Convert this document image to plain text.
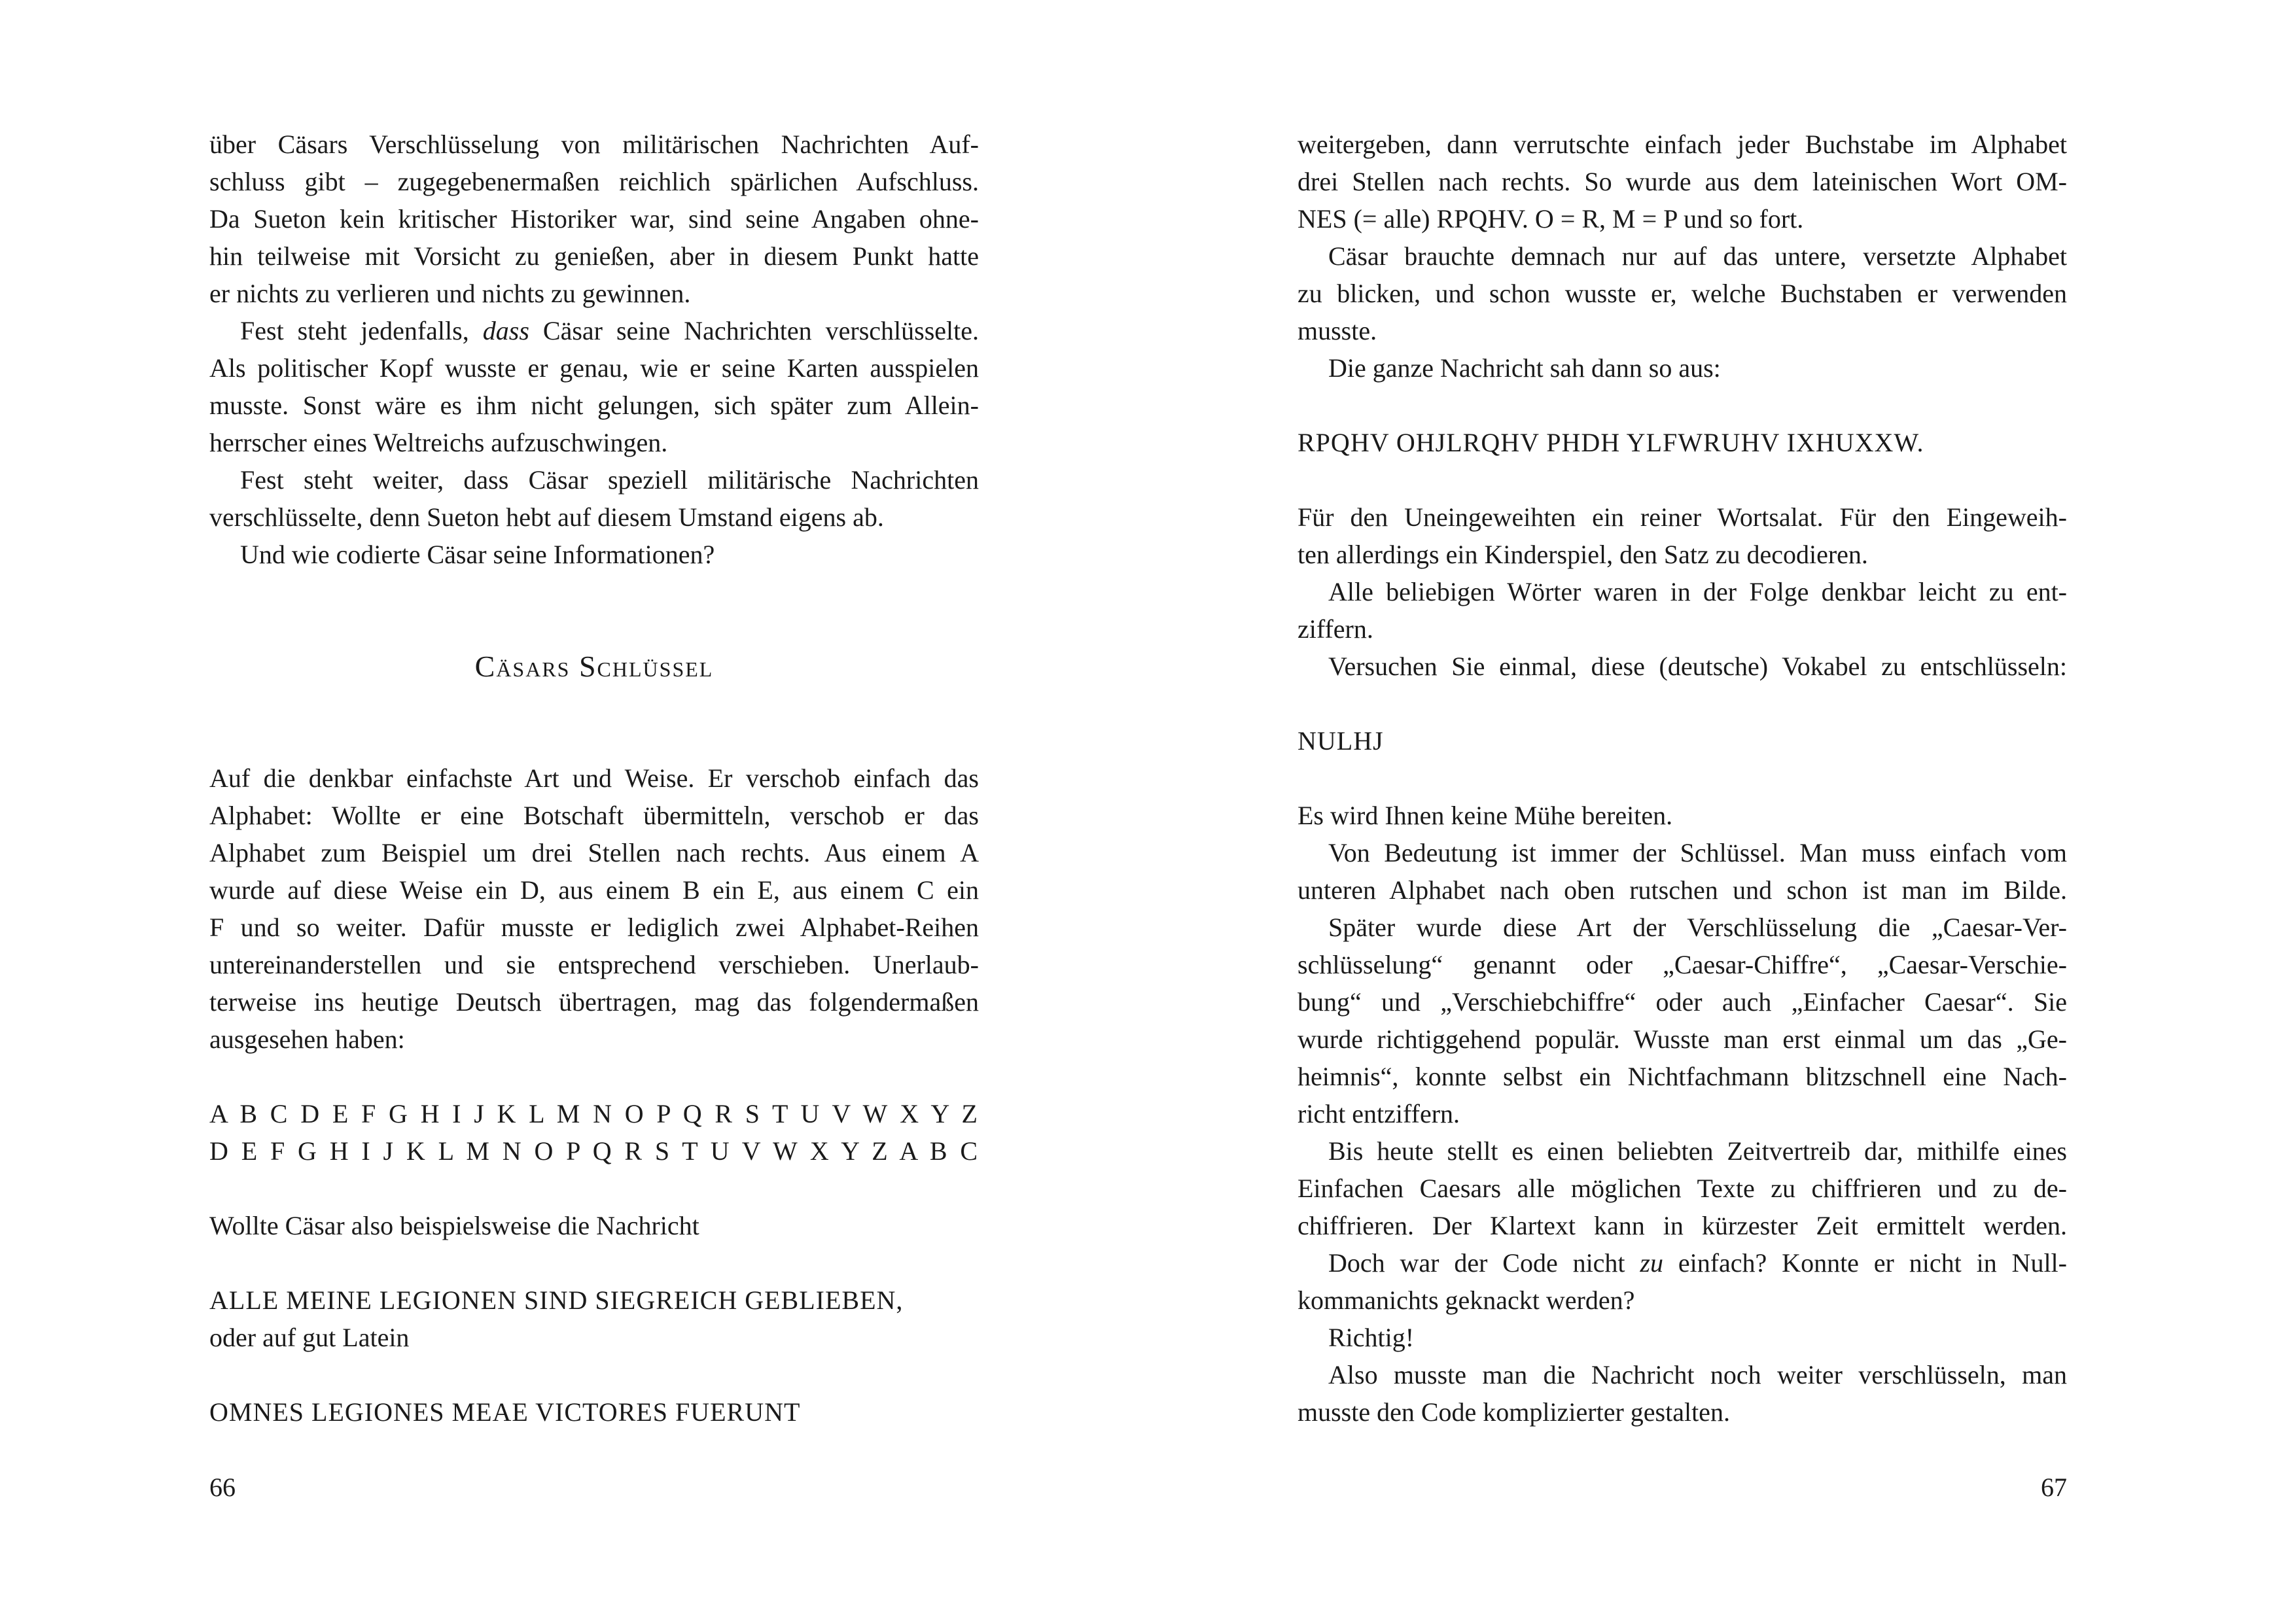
über Cäsars Verschlüsselung von militärischen Nachrichten Auf-
schluss gibt – zugegebenermaßen reichlich spärlichen Aufschluss.
Da Sueton kein kritischer Historiker war, sind seine Angaben ohne-
hin teilweise mit Vorsicht zu genießen, aber in diesem Punkt hatte
er nichts zu verlieren und nichts zu gewinnen.
Fest steht jedenfalls, dass Cäsar seine Nachrichten verschlüsselte.
Als politischer Kopf wusste er genau, wie er seine Karten ausspielen
musste. Sonst wäre es ihm nicht gelungen, sich später zum Allein-
herrscher eines Weltreichs aufzuschwingen.
Fest steht weiter, dass Cäsar speziell militärische Nachrichten
verschlüsselte, denn Sueton hebt auf diesem Umstand eigens ab.
Und wie codierte Cäsar seine Informationen?
Cäsars Schlüssel
Auf die denkbar einfachste Art und Weise. Er verschob einfach das
Alphabet: Wollte er eine Botschaft übermitteln, verschob er das
Alphabet zum Beispiel um drei Stellen nach rechts. Aus einem A
wurde auf diese Weise ein D, aus einem B ein E, aus einem C ein
F und so weiter. Dafür musste er lediglich zwei Alphabet-Reihen
untereinanderstellen und sie entsprechend verschieben. Unerlaub-
terweise ins heutige Deutsch übertragen, mag das folgendermaßen
ausgesehen haben:
A B C D E F G H I J K L M N O P Q R S T U V W X Y Z
D E F G H I J K L M N O P Q R S T U V W X Y Z A B C
Wollte Cäsar also beispielsweise die Nachricht
ALLE MEINE LEGIONEN SIND SIEGREICH GEBLIEBEN,
oder auf gut Latein
OMNES LEGIONES MEAE VICTORES FUERUNT
weitergeben, dann verrutschte einfach jeder Buchstabe im Alphabet
drei Stellen nach rechts. So wurde aus dem lateinischen Wort OM-
NES (= alle) RPQHV. O = R, M = P und so fort.
Cäsar brauchte demnach nur auf das untere, versetzte Alphabet
zu blicken, und schon wusste er, welche Buchstaben er verwenden
musste.
Die ganze Nachricht sah dann so aus:
RPQHV OHJLRQHV PHDH YLFWRUHV IXHUXXW.
Für den Uneingeweihten ein reiner Wortsalat. Für den Eingeweih-
ten allerdings ein Kinderspiel, den Satz zu decodieren.
Alle beliebigen Wörter waren in der Folge denkbar leicht zu ent-
ziffern.
Versuchen Sie einmal, diese (deutsche) Vokabel zu entschlüsseln:
NULHJ
Es wird Ihnen keine Mühe bereiten.
Von Bedeutung ist immer der Schlüssel. Man muss einfach vom
unteren Alphabet nach oben rutschen und schon ist man im Bilde.
Später wurde diese Art der Verschlüsselung die „Caesar-Ver-
schlüsselung“ genannt oder „Caesar-Chiffre“, „Caesar-Verschie-
bung“ und „Verschiebchiffre“ oder auch „Einfacher Caesar“. Sie
wurde richtiggehend populär. Wusste man erst einmal um das „Ge-
heimnis“, konnte selbst ein Nichtfachmann blitzschnell eine Nach-
richt entziffern.
Bis heute stellt es einen beliebten Zeitvertreib dar, mithilfe eines
Einfachen Caesars alle möglichen Texte zu chiffrieren und zu de-
chiffrieren. Der Klartext kann in kürzester Zeit ermittelt werden.
Doch war der Code nicht zu einfach? Konnte er nicht in Null-
kommanichts geknackt werden?
Richtig!
Also musste man die Nachricht noch weiter verschlüsseln, man
musste den Code komplizierter gestalten.
66	67
